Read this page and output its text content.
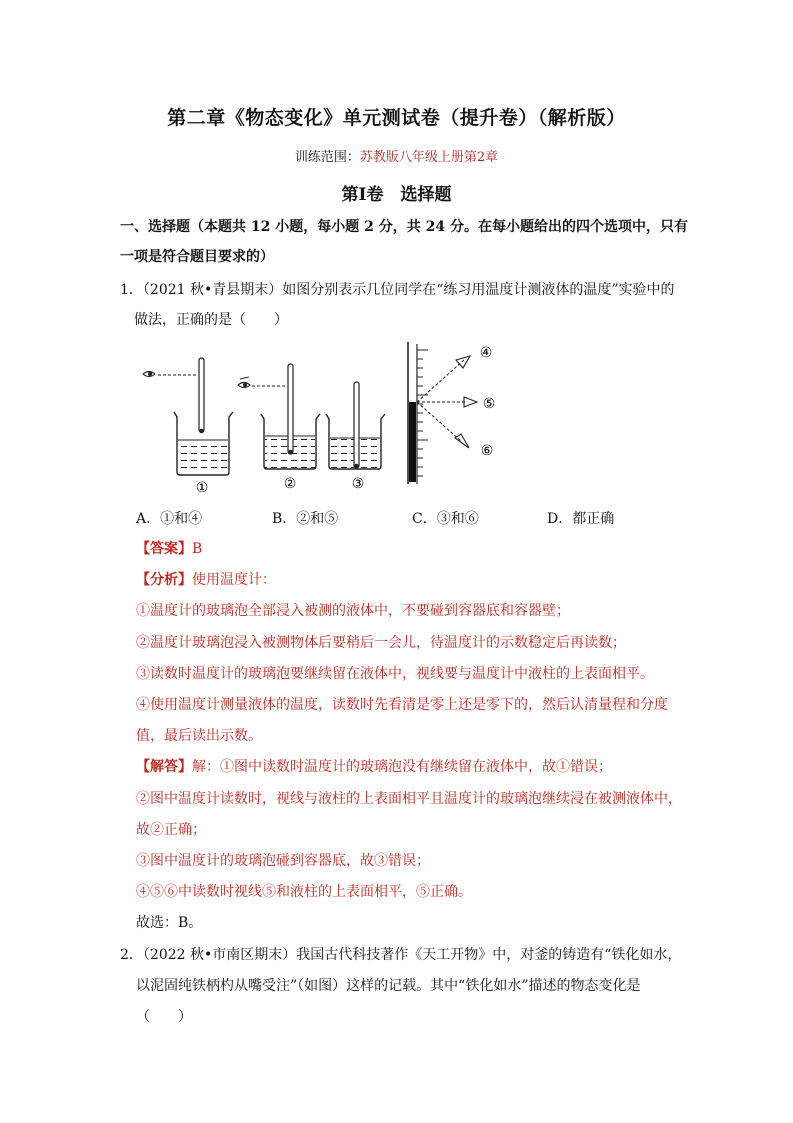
第二章《物态变化》单元测试卷（提升卷）（解析版）
训练范围：苏教版八年级上册第2章
第Ⅰ卷　选择题
一、选择题（本题共 12 小题，每小题 2 分，共 24 分。在每小题给出的四个选项中，只有
一项是符合题目要求的）
1．（2021 秋•青县期末）如图分别表示几位同学在“练习用温度计测液体的温度”实验中的
做法，正确的是（　　）
①	②	③
④
⑤
⑥
A．①和④	B．②和⑤	C．③和⑥	D．都正确
【答案】B
【分析】使用温度计：
①温度计的玻璃泡全部浸入被测的液体中，不要碰到容器底和容器壁；
②温度计玻璃泡浸入被测物体后要稍后一会儿，待温度计的示数稳定后再读数；
③读数时温度计的玻璃泡要继续留在液体中，视线要与温度计中液柱的上表面相平。
④使用温度计测量液体的温度，读数时先看清是零上还是零下的，然后认清量程和分度
值，最后读出示数。
【解答】解：①图中读数时温度计的玻璃泡没有继续留在液体中，故①错误；
②图中温度计读数时，视线与液柱的上表面相平且温度计的玻璃泡继续浸在被测液体中，
故②正确；
③图中温度计的玻璃泡碰到容器底，故③错误；
④⑤⑥中读数时视线⑤和液柱的上表面相平，⑤正确。
故选：B。
2．（2022 秋•市南区期末）我国古代科技著作《天工开物》中，对釜的铸造有“铁化如水，
以泥固纯铁柄杓从嘴受注”（如图）这样的记载。其中“铁化如水”描述的物态变化是
（　　）
